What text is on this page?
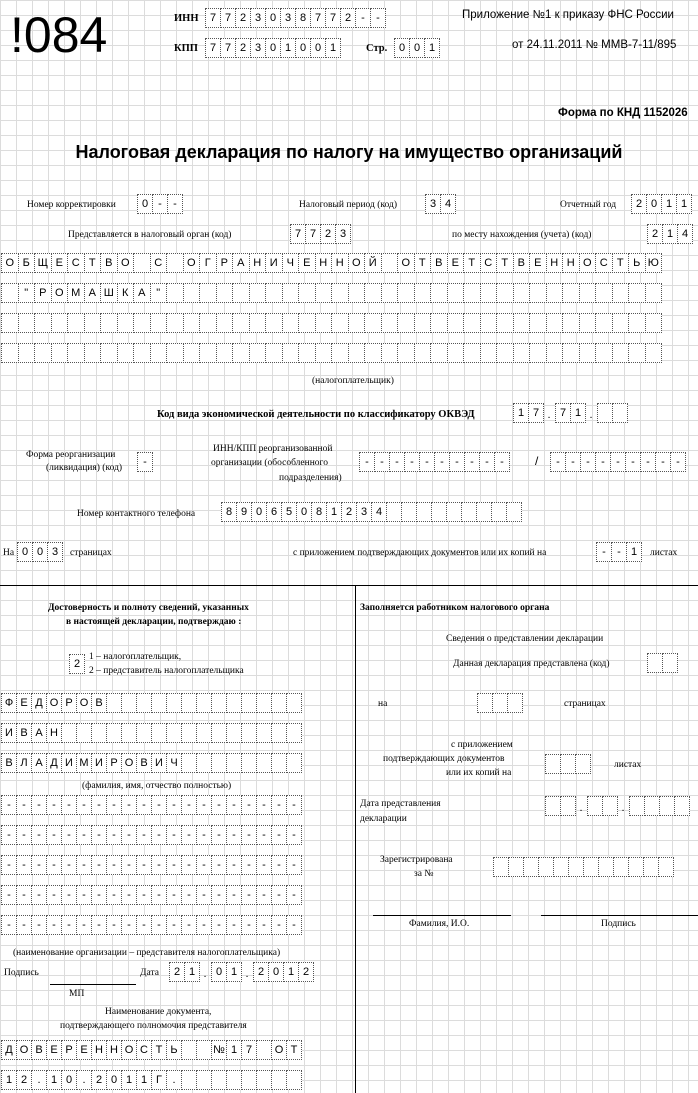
!084	ИНН	7 7 2 3 0 3 8 7 7 2 -	-
КПП	7 7 2 3 0 1 0 0 1	Стр.	0 0 1
Приложение №1 к приказу ФНС России
от 24.11.2011 № ММВ-7-11/895
Форма по КНД 1152026
Налоговая декларация по налогу на имущество организаций
Номер корректировки	0 -	-	Налоговый период (код)	3 4	Отчетный год	2 0 1 1
Представляется в налоговый орган (код)	7 7 2 3	по месту нахождения (учета) (код)	2 1 4
О Б Щ Е С Т В О	С	О Г Р А Н И Ч Е Н Н О Й	О Т В Е Т С Т В Е Н Н О С Т Ь Ю
" Р О М А Ш К А "
(налогоплательщик)
Код вида экономической деятельности по классификатору ОКВЭД	1 7 . 7 1 .
Форма реорганизации
(ликвидация) (код)	-
ИНН/КПП реорганизованной
организации (обособленного
подразделения)
-	-	-	-	-	-	-	-	-	-	/	-	-	-	-	-	-	-	-	-
Номер контактного телефона	8 9 0 6 5 0 8 1 2 3 4
На 0 0 3	страницах	с приложением подтверждающих документов или их копий на	-	- 1	листах
Достоверность и полноту сведений, указанных
в настоящей декларации, подтверждаю :
2
1 – налогоплательщик,
2 – представитель налогоплательщика
Ф Е Д О Р О В
И В А Н
В Л А Д И М И Р О В И Ч
(фамилия, имя, отчество полностью)
-	-	-	-	-	-	-	-	-	-	-	-	-	-	-	-	-	-	-	-
-	-	-	-	-	-	-	-	-	-	-	-	-	-	-	-	-	-	-	-
-	-	-	-	-	-	-	-	-	-	-	-	-	-	-	-	-	-	-	-
-	-	-	-	-	-	-	-	-	-	-	-	-	-	-	-	-	-	-	-
-	-	-	-	-	-	-	-	-	-	-	-	-	-	-	-	-	-	-	-
(наименование организации – представителя налогоплательщика)
Подпись	Дата	2 1 . 0 1 . 2 0 1 2
МП
Наименование документа,
подтверждающего полномочия представителя
Д О В Е Р Е Н Н О С Т Ь	№ 1 7	О Т
1 2 . 1 0 . 2 0 1 1 Г .
Заполняется работником налогового органа
Сведения о представлении декларации
Данная декларация представлена (код)
на	страницах
с приложением
подтверждающих документов
или их копий на
листах
Дата представления
декларации
.	.
Зарегистрирована
за №
Фамилия, И.О.	Подпись
